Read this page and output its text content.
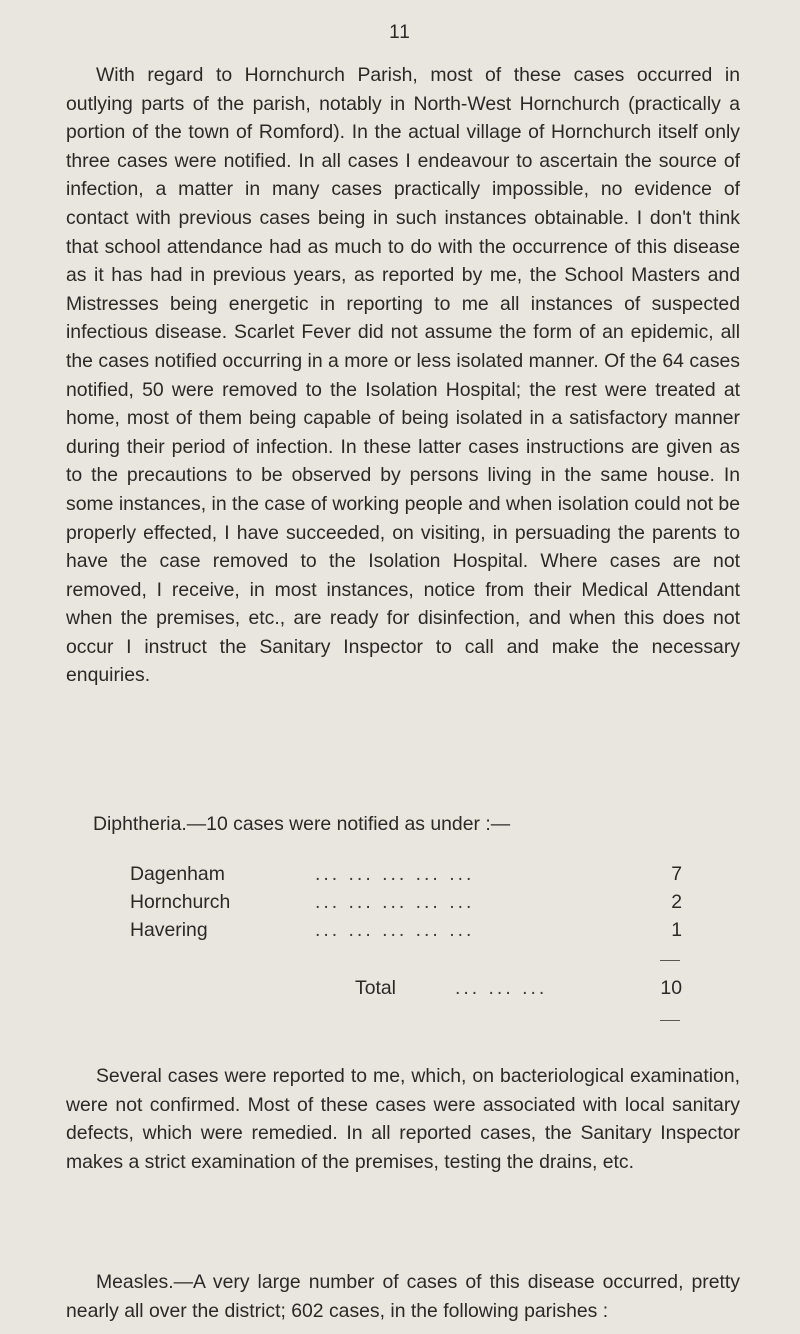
11

With regard to Hornchurch Parish, most of these cases occurred in outlying parts of the parish, notably in North-West Hornchurch (practically a portion of the town of Romford). In the actual village of Hornchurch itself only three cases were notified. In all cases I endeavour to ascertain the source of infection, a matter in many cases practically impossible, no evidence of contact with previous cases being in such instances obtainable. I don't think that school attendance had as much to do with the occurrence of this disease as it has had in previous years, as reported by me, the School Masters and Mistresses being energetic in reporting to me all instances of suspected infectious disease. Scarlet Fever did not assume the form of an epidemic, all the cases notified occurring in a more or less isolated manner. Of the 64 cases notified, 50 were removed to the Isolation Hospital; the rest were treated at home, most of them being capable of being isolated in a satisfactory manner during their period of infection. In these latter cases instructions are given as to the precautions to be observed by persons living in the same house. In some instances, in the case of working people and when isolation could not be properly effected, I have succeeded, on visiting, in persuading the parents to have the case removed to the Isolation Hospital. Where cases are not removed, I receive, in most instances, notice from their Medical Attendant when the premises, etc., are ready for disinfection, and when this does not occur I instruct the Sanitary Inspector to call and make the necessary enquiries.

Diphtheria.—10 cases were notified as under :—
Dagenham	... ... ... ... ...	7
Hornchurch	... ... ... ... ...	2
Havering	... ... ... ... ...	1
Total	... ... ...	10

Several cases were reported to me, which, on bacteriological examination, were not confirmed. Most of these cases were associated with local sanitary defects, which were remedied. In all reported cases, the Sanitary Inspector makes a strict examination of the premises, testing the drains, etc.

Measles.—A very large number of cases of this disease occurred, pretty nearly all over the district; 602 cases, in the following parishes :
